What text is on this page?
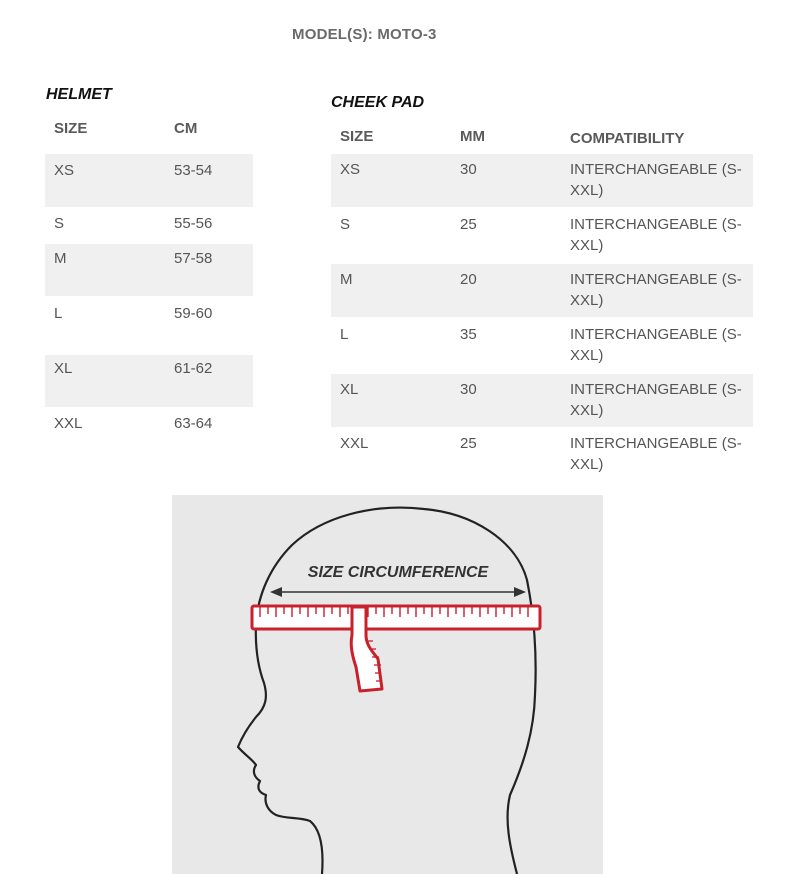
MODEL(S): MOTO-3
HELMET	CHEEK PAD
SIZE	CM
XS	53-54
S	55-56
M	57-58
L	59-60
XL	61-62
XXL	63-64
SIZE	MM	COMPATIBILITY
XS	30	INTERCHANGEABLE (S-XXL)
S	25	INTERCHANGEABLE (S-XXL)
M	20	INTERCHANGEABLE (S-XXL)
L	35	INTERCHANGEABLE (S-XXL)
XL	30	INTERCHANGEABLE (S-XXL)
XXL	25	INTERCHANGEABLE (S-XXL)
SIZE CIRCUMFERENCE
